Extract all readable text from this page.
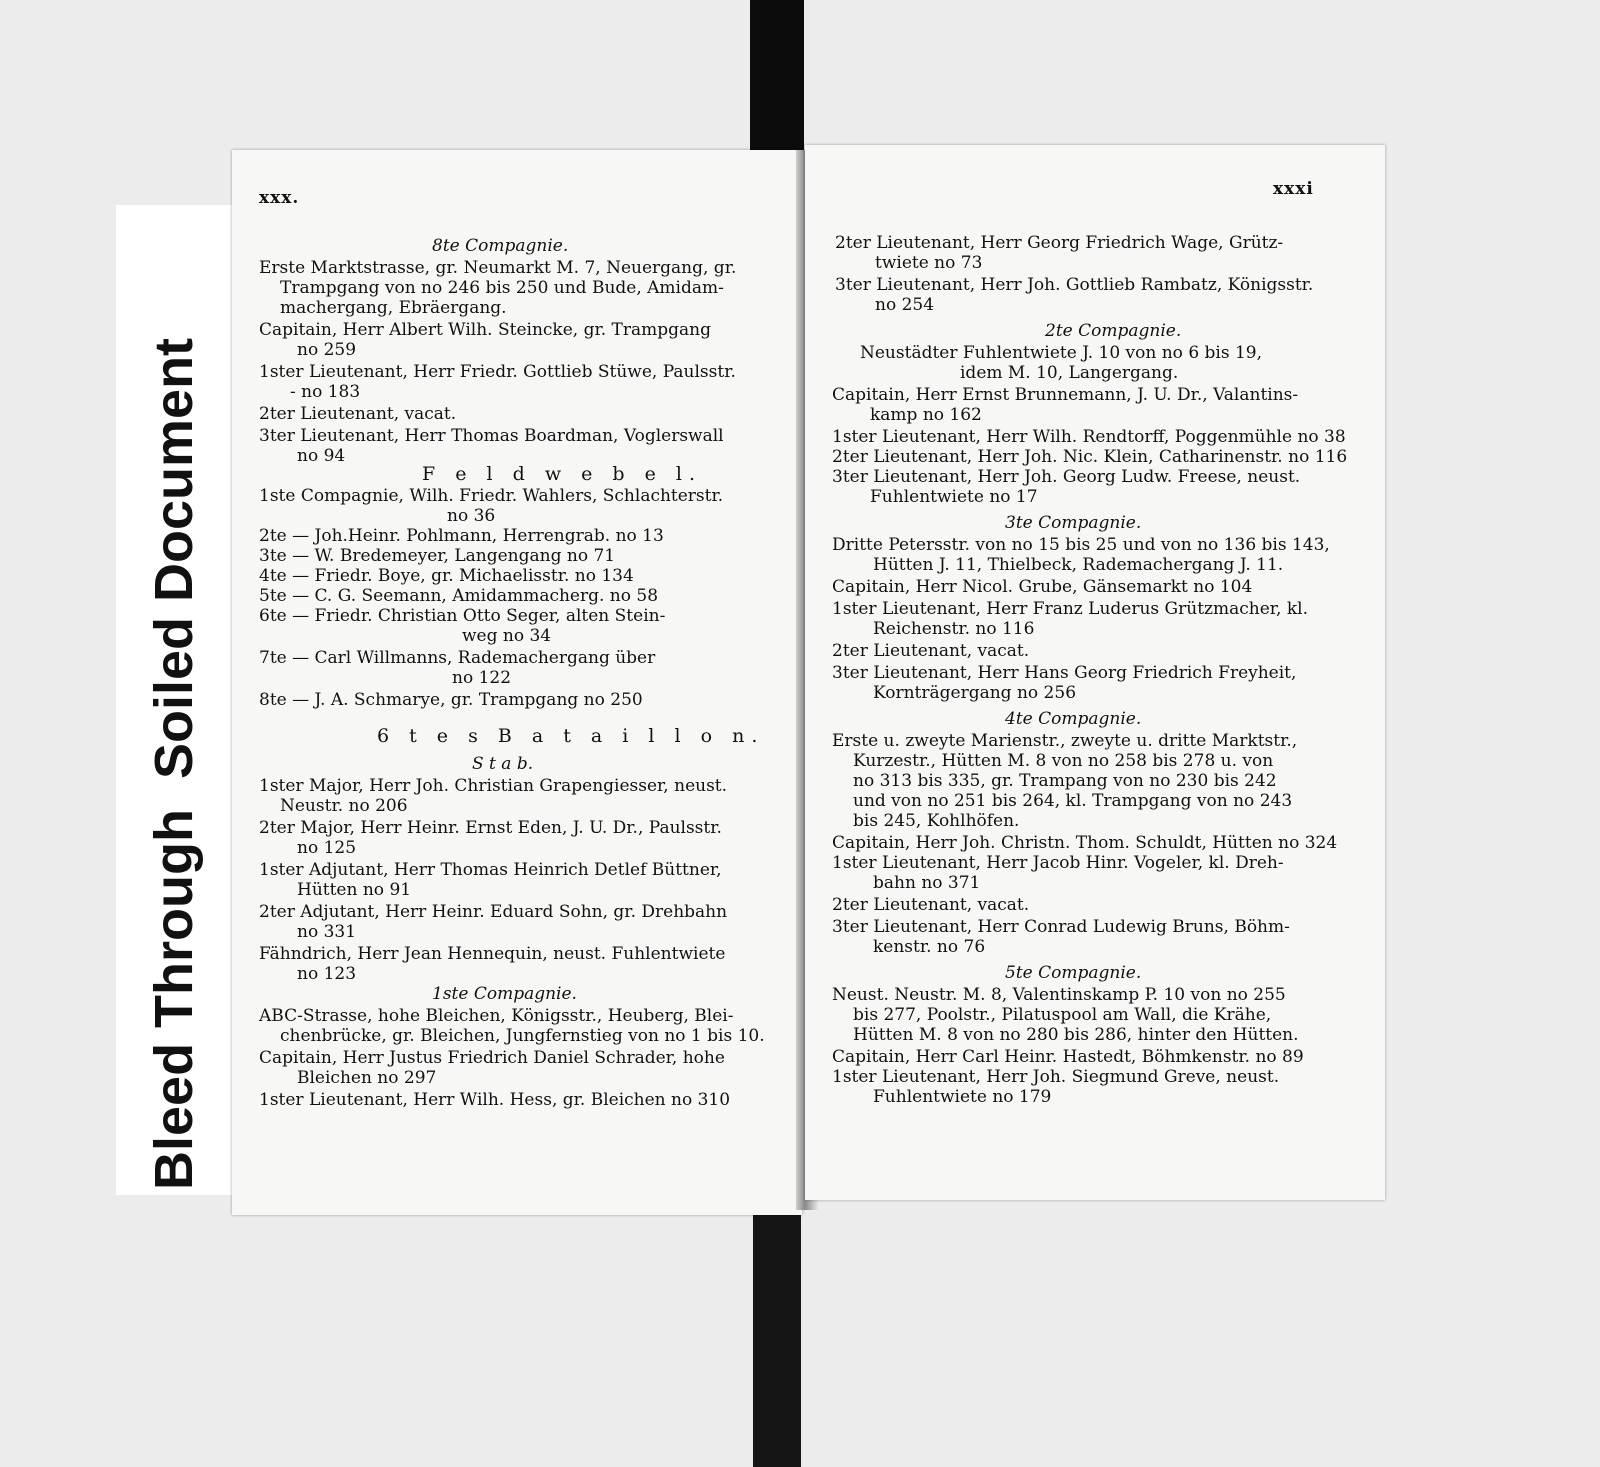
Bleed Through

Soiled Document
xxx.
8te Compagnie.
Erste Marktstrasse, gr. Neumarkt M. 7, Neuergang, gr.
Trampgang von no 246 bis 250 und Bude, Amidam-
machergang, Ebräergang.
Capitain, Herr Albert Wilh. Steincke, gr. Trampgang
no 259
1ster Lieutenant, Herr Friedr. Gottlieb Stüwe, Paulsstr.
- no 183
2ter Lieutenant, vacat.
3ter Lieutenant, Herr Thomas Boardman, Voglerswall
no 94
F e l d w e b e l.
1ste Compagnie, Wilh. Friedr. Wahlers, Schlachterstr.
no 36
2te — Joh.Heinr. Pohlmann, Herrengrab. no 13
3te — W. Bredemeyer, Langengang no 71
4te — Friedr. Boye, gr. Michaelisstr. no 134
5te — C. G. Seemann, Amidammacherg. no 58
6te — Friedr. Christian Otto Seger, alten Stein-
weg no 34
7te — Carl Willmanns, Rademachergang über
no 122
8te — J. A. Schmarye, gr. Trampgang no 250
6 t e s B a t a i l l o n.
S t a b.
1ster Major, Herr Joh. Christian Grapengiesser, neust.
Neustr. no 206
2ter Major, Herr Heinr. Ernst Eden, J. U. Dr., Paulsstr.
no 125
1ster Adjutant, Herr Thomas Heinrich Detlef Büttner,
Hütten no 91
2ter Adjutant, Herr Heinr. Eduard Sohn, gr. Drehbahn
no 331
Fähndrich, Herr Jean Hennequin, neust. Fuhlentwiete
no 123
1ste Compagnie.
ABC-Strasse, hohe Bleichen, Königsstr., Heuberg, Blei-
chenbrücke, gr. Bleichen, Jungfernstieg von no 1 bis 10.
Capitain, Herr Justus Friedrich Daniel Schrader, hohe
Bleichen no 297
1ster Lieutenant, Herr Wilh. Hess, gr. Bleichen no 310
xxxi
2ter Lieutenant, Herr Georg Friedrich Wage, Grütz-
twiete no 73
3ter Lieutenant, Herr Joh. Gottlieb Rambatz, Königsstr.
no 254
2te Compagnie.
Neustädter Fuhlentwiete J. 10 von no 6 bis 19,
idem M. 10, Langergang.
Capitain, Herr Ernst Brunnemann, J. U. Dr., Valantins-
kamp no 162
1ster Lieutenant, Herr Wilh. Rendtorff, Poggenmühle no 38
2ter Lieutenant, Herr Joh. Nic. Klein, Catharinenstr. no 116
3ter Lieutenant, Herr Joh. Georg Ludw. Freese, neust.
Fuhlentwiete no 17
3te Compagnie.
Dritte Petersstr. von no 15 bis 25 und von no 136 bis 143,
Hütten J. 11, Thielbeck, Rademachergang J. 11.
Capitain, Herr Nicol. Grube, Gänsemarkt no 104
1ster Lieutenant, Herr Franz Luderus Grützmacher, kl.
Reichenstr. no 116
2ter Lieutenant, vacat.
3ter Lieutenant, Herr Hans Georg Friedrich Freyheit,
Kornträgergang no 256
4te Compagnie.
Erste u. zweyte Marienstr., zweyte u. dritte Marktstr.,
Kurzestr., Hütten M. 8 von no 258 bis 278 u. von
no 313 bis 335, gr. Trampang von no 230 bis 242
und von no 251 bis 264, kl. Trampgang von no 243
bis 245, Kohlhöfen.
Capitain, Herr Joh. Christn. Thom. Schuldt, Hütten no 324
1ster Lieutenant, Herr Jacob Hinr. Vogeler, kl. Dreh-
bahn no 371
2ter Lieutenant, vacat.
3ter Lieutenant, Herr Conrad Ludewig Bruns, Böhm-
kenstr. no 76
5te Compagnie.
Neust. Neustr. M. 8, Valentinskamp P. 10 von no 255
bis 277, Poolstr., Pilatuspool am Wall, die Krähe,
Hütten M. 8 von no 280 bis 286, hinter den Hütten.
Capitain, Herr Carl Heinr. Hastedt, Böhmkenstr. no 89
1ster Lieutenant, Herr Joh. Siegmund Greve, neust.
Fuhlentwiete no 179
